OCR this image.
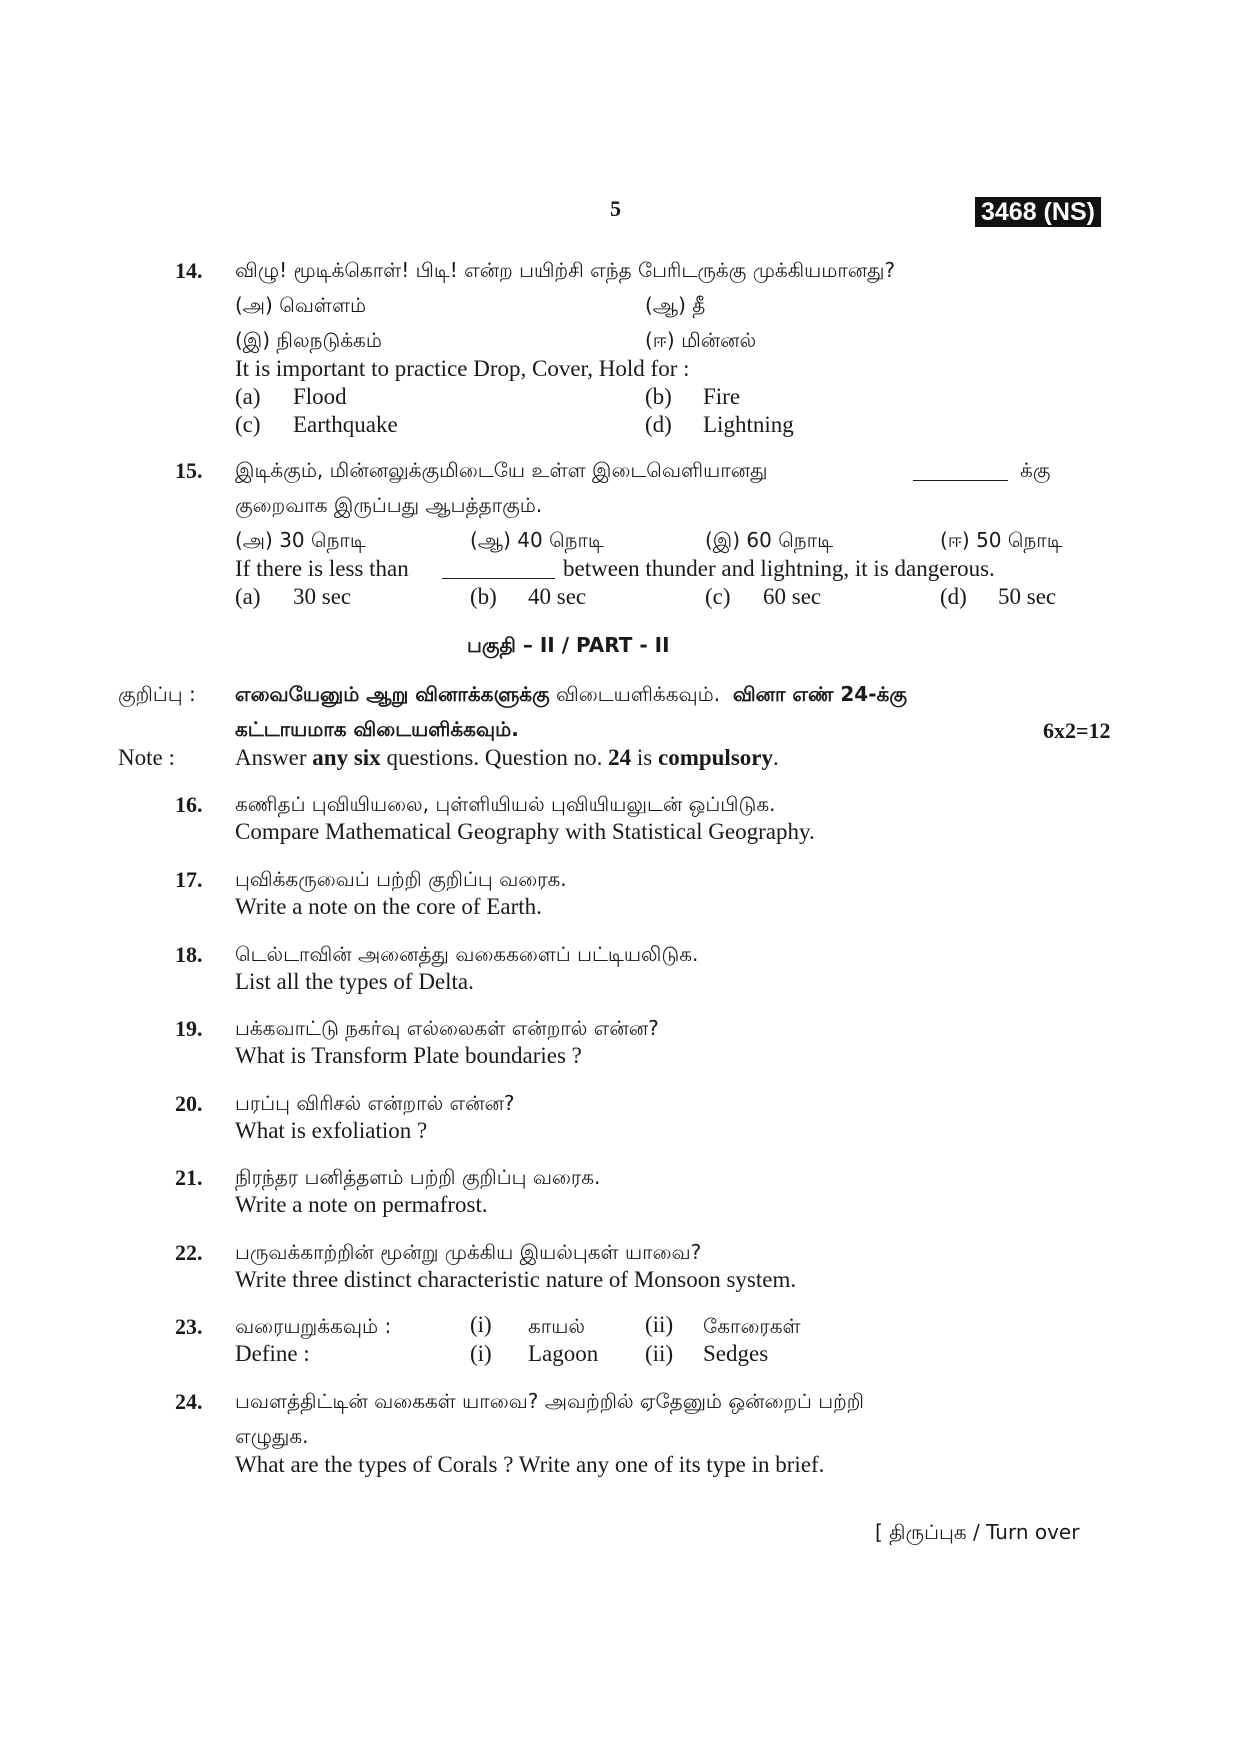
5	3468 (NS)
14. விழு! மூடிக்கொள்! பிடி! என்ற பயிற்சி எந்த பேரிடருக்கு முக்கியமானது?
(அ) வெள்ளம்	(ஆ) தீ
(இ) நிலநடுக்கம்	(ஈ) மின்னல்
It is important to practice Drop, Cover, Hold for :
(a) Flood	(b) Fire
(c) Earthquake	(d) Lightning
15. இடிக்கும், மின்னலுக்குமிடையே உள்ள இடைவெளியானது	க்கு
குறைவாக இருப்பது ஆபத்தாகும்.
(அ) 30 நொடி	(ஆ) 40 நொடி	(இ) 60 நொடி	(ஈ) 50 நொடி
If there is less than	between thunder and lightning, it is dangerous.
(a) 30 sec	(b) 40 sec	(c) 60 sec	(d) 50 sec
பகுதி – II / PART - II
குறிப்பு : எவையேனும் ஆறு வினாக்களுக்கு விடையளிக்கவும். வினா எண் 24-க்கு
கட்டாயமாக விடையளிக்கவும்.	6x2=12
Note :	Answer any six questions. Question no. 24 is compulsory.
16. கணிதப் புவியியலை, புள்ளியியல் புவியியலுடன் ஒப்பிடுக.
Compare Mathematical Geography with Statistical Geography.
17. புவிக்கருவைப் பற்றி குறிப்பு வரைக.
Write a note on the core of Earth.
18. டெல்டாவின் அனைத்து வகைகளைப் பட்டியலிடுக.
List all the types of Delta.
19. பக்கவாட்டு நகர்வு எல்லைகள் என்றால் என்ன?
What is Transform Plate boundaries ?
20. பரப்பு விரிசல் என்றால் என்ன?
What is exfoliation ?
21. நிரந்தர பனித்தளம் பற்றி குறிப்பு வரைக.
Write a note on permafrost.
22. பருவக்காற்றின் மூன்று முக்கிய இயல்புகள் யாவை?
Write three distinct characteristic nature of Monsoon system.
23. வரையறுக்கவும் :	(i) காயல்	(ii) கோரைகள்
Define :	(i) Lagoon (ii) Sedges
24. பவளத்திட்டின் வகைகள் யாவை? அவற்றில் ஏதேனும் ஒன்றைப் பற்றி
எழுதுக.
What are the types of Corals ? Write any one of its type in brief.
[ திருப்புக / Turn over
